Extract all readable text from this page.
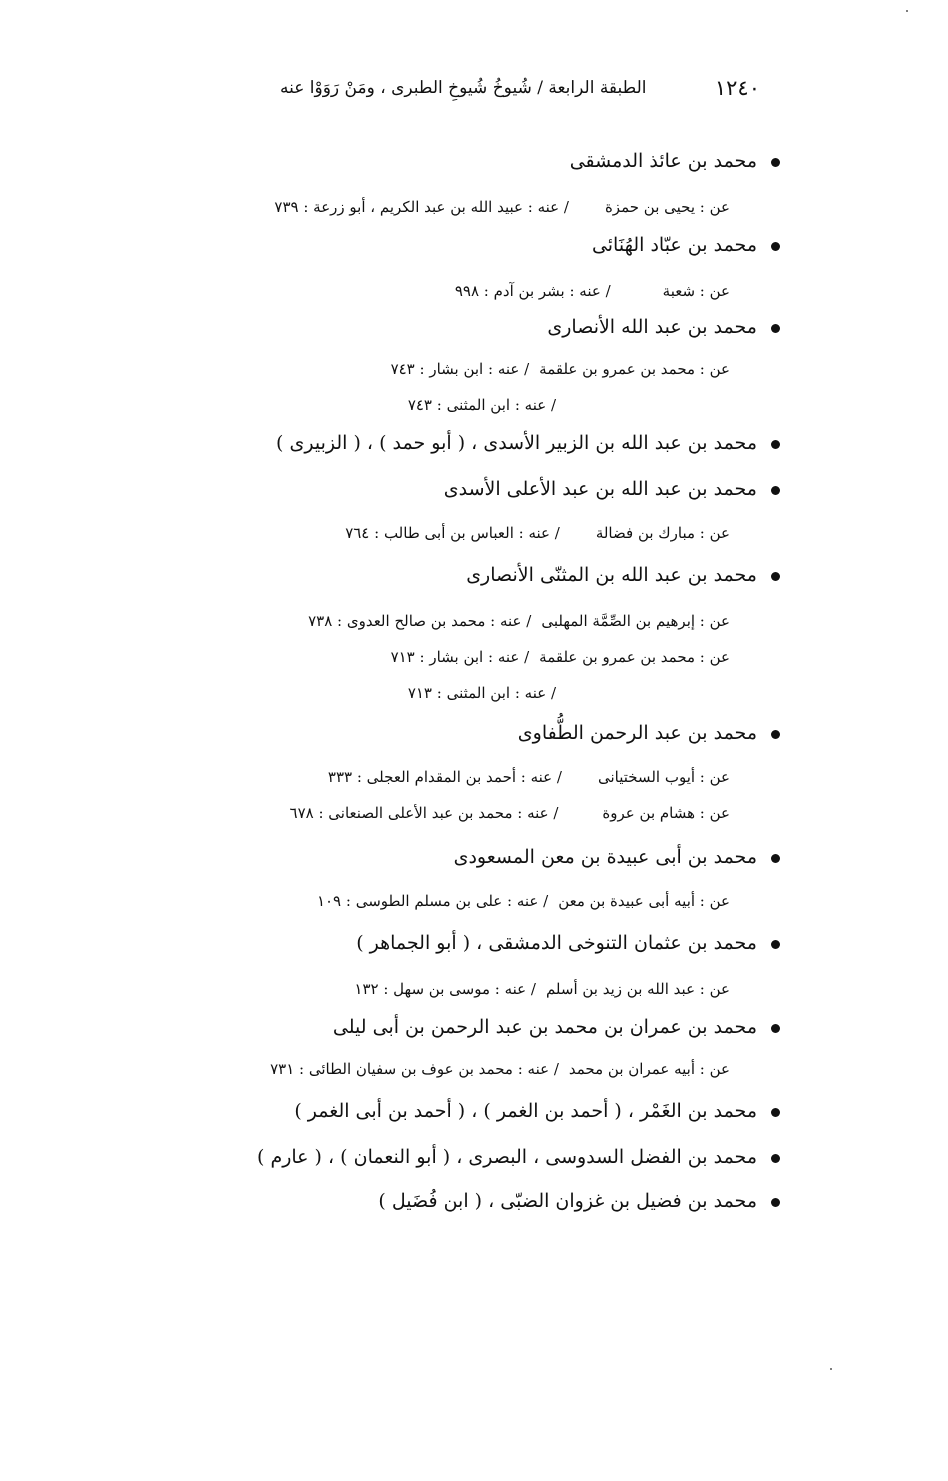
١٢٤٠
الطبقة الرابعة / شُيوخُ شُيوخِ الطبرى ، ومَنْ رَوَوْا عنه
محمد بن عائذ الدمشقى
عن : يحيى بن حمزة/ عنه : عبيد الله بن عبد الكريم ، أبو زرعة : ٧٣٩
محمد بن عبّاد الهُنَائى
عن : شعبة/ عنه : بشر بن آدم : ٩٩٨
محمد بن عبد الله الأنصارى
عن : محمد بن عمرو بن علقمة/ عنه : ابن بشار : ٧٤٣
/ عنه : ابن المثنى : ٧٤٣
محمد بن عبد الله بن الزبير الأسدى ، ( أبو حمد ) ، ( الزبيرى )
محمد بن عبد الله بن عبد الأعلى الأسدى
عن : مبارك بن فضالة/ عنه : العباس بن أبى طالب : ٧٦٤
محمد بن عبد الله بن المثنّى الأنصارى
عن : إبرهيم بن الصِّمَّة المهلبى/ عنه : محمد بن صالح العدوى : ٧٣٨
عن : محمد بن عمرو بن علقمة/ عنه : ابن بشار : ٧١٣
/ عنه : ابن المثنى : ٧١٣
محمد بن عبد الرحمن الطُّفاوى
عن : أيوب السختيانى/ عنه : أحمد بن المقدام العجلى : ٣٣٣
عن : هشام بن عروة/ عنه : محمد بن عبد الأعلى الصنعانى : ٦٧٨
محمد بن أبى عبيدة بن معن المسعودى
عن : أبيه أبى عبيدة بن معن/ عنه : على بن مسلم الطوسى : ١٠٩
محمد بن عثمان التنوخى الدمشقى ، ( أبو الجماهر )
عن : عبد الله بن زيد بن أسلم/ عنه : موسى بن سهل : ١٣٢
محمد بن عمران بن محمد بن عبد الرحمن بن أبى ليلى
عن : أبيه عمران بن محمد/ عنه : محمد بن عوف بن سفيان الطائى : ٧٣١
محمد بن الغَمْر ، ( أحمد بن الغمر ) ، ( أحمد بن أبى الغمر )
محمد بن الفضل السدوسى ، البصرى ، ( أبو النعمان ) ، ( عارم )
محمد بن فضيل بن غزوان الضبّى ، ( ابن فُضَيل )
